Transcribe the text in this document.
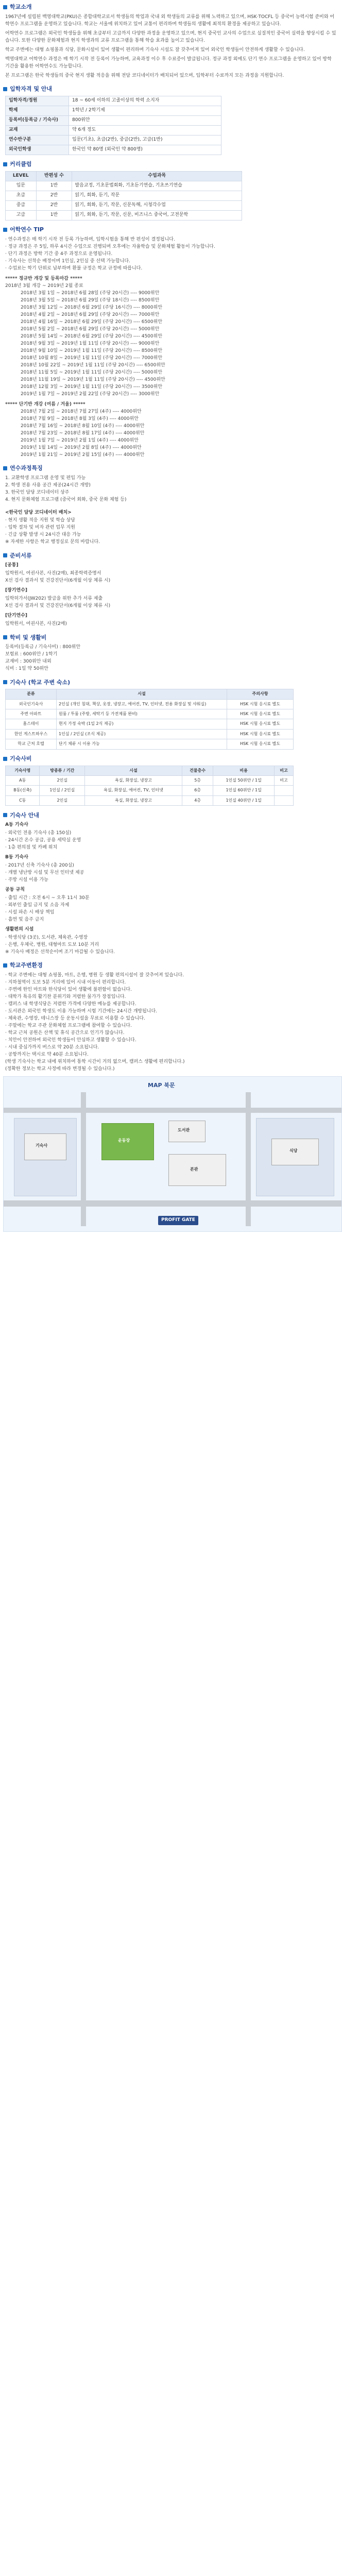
학교소개

1967년에 설립된 백영대학교(PKU)은 종합대학교로서 학생들의 학업과 국내 외 학생들의 교류를 위해 노력하고 있으며, HSK·TOCFL 등 중국어 능력시험 준비와 어학연수 프로그램을 운영하고 있습니다. 학교는 서울에 위치하고 있어 교통이 편리하며 학생들의 생활에 최적의 환경을 제공하고 있습니다.

어학연수 프로그램은 외국인 학생들을 위해 초급부터 고급까지 다양한 과정을 운영하고 있으며, 현지 중국인 교사의 수업으로 실질적인 중국어 실력을 향상시킬 수 있습니다. 또한 다양한 문화체험과 현지 학생과의 교류 프로그램을 통해 학습 효과를 높이고 있습니다.

학교 주변에는 대형 쇼핑몰과 식당, 문화시설이 있어 생활이 편리하며 기숙사 시설도 잘 갖추어져 있어 외국인 학생들이 안전하게 생활할 수 있습니다.

백영대학교 어학연수 과정은 매 학기 시작 전 등록이 가능하며, 교육과정 이수 후 수료증이 발급됩니다. 정규 과정 외에도 단기 연수 프로그램을 운영하고 있어 방학 기간을 활용한 어학연수도 가능합니다.

본 프로그램은 한국 학생들의 중국 현지 생활 적응을 위해 전담 코디네이터가 배치되어 있으며, 입학부터 수료까지 모든 과정을 지원합니다.

입학자격 및 안내
입학자격/정원	18 ~ 60세 이하의 고졸이상의 학력 소지자
학제	1학년 / 2학기제
등록비(등록금 / 기숙사)	800위안
교재	약 6개 정도
연수반구분	입문(기초), 초급(2반), 중급(2반), 고급(1반)
외국인학생	한국인 약 80명 (외국인 약 800명)
커리큘럼
LEVEL	반편성 수	수업과목
입문	1반	발음교정, 기초문법회화, 기초듣기연습, 기초쓰기연습
초급	2반	읽기, 회화, 듣기, 작문
중급	2반	읽기, 회화, 듣기, 작문, 신문독해, 시청각수업
고급	1반	읽기, 회화, 듣기, 작문, 신문, 비즈니스 중국어, 고전문학
어학연수 TIP
· 연수과정은 매 학기 시작 전 등록 가능하며, 입학시험을 통해 반 편성이 결정됩니다.
· 정규 과정은 주 5일, 하루 4시간 수업으로 진행되며 오후에는 자율학습 및 문화체험 활동이 가능합니다.
· 단기 과정은 방학 기간 중 4주 과정으로 운영됩니다.
· 기숙사는 선착순 배정이며 1인실, 2인실 중 선택 가능합니다.
· 수업료는 학기 단위로 납부하며 환불 규정은 학교 규정에 따릅니다.
***** 정규반 개강 및 등록마감 *****
2018년 3월 개강 ~ 2019년 2월 종료
2018년 3월 1일 ~ 2018년 6월 28일 (주당 20시간) ---- 9000위안
2018년 3월 5일 ~ 2018년 6월 29일 (주당 18시간) ---- 8500위안
2018년 3월 12일 ~ 2018년 6월 29일 (주당 16시간) ---- 8000위안
2018년 4월 2일 ~ 2018년 6월 29일 (주당 20시간) ---- 7000위안
2018년 4월 16일 ~ 2018년 6월 29일 (주당 20시간) ---- 6500위안
2018년 5월 2일 ~ 2018년 6월 29일 (주당 20시간) ---- 5000위안
2018년 5월 14일 ~ 2018년 6월 29일 (주당 20시간) ---- 4500위안
2018년 9월 3일 ~ 2019년 1월 11일 (주당 20시간) ---- 9000위안
2018년 9월 10일 ~ 2019년 1월 11일 (주당 20시간) ---- 8500위안
2018년 10월 8일 ~ 2019년 1월 11일 (주당 20시간) ---- 7000위안
2018년 10월 22일 ~ 2019년 1월 11일 (주당 20시간) ---- 6500위안
2018년 11월 5일 ~ 2019년 1월 11일 (주당 20시간) ---- 5000위안
2018년 11월 19일 ~ 2019년 1월 11일 (주당 20시간) ---- 4500위안
2018년 12월 3일 ~ 2019년 1월 11일 (주당 20시간) ---- 3500위안
2019년 1월 7일 ~ 2019년 2월 22일 (주당 20시간) ---- 3000위안
***** 단기반 개강 (여름 / 겨울) *****
2018년 7월 2일 ~ 2018년 7월 27일 (4주) ---- 4000위안
2018년 7월 9일 ~ 2018년 8월 3일 (4주) ---- 4000위안
2018년 7월 16일 ~ 2018년 8월 10일 (4주) ---- 4000위안
2018년 7월 23일 ~ 2018년 8월 17일 (4주) ---- 4000위안
2019년 1월 7일 ~ 2019년 2월 1일 (4주) ---- 4000위안
2019년 1월 14일 ~ 2019년 2월 8일 (4주) ---- 4000위안
2019년 1월 21일 ~ 2019년 2월 15일 (4주) ---- 4000위안
연수과정특징
1. 교환학생 프로그램 운영 및 편입 가능
2. 학생 전용 사용 공간 제공(24시간 개방)
3. 한국인 담당 코디네이터 상주
4. 현지 문화체험 프로그램 (중국어 회화, 중국 문화 체험 등)
<한국인 담당 코디네이터 배치>
· 현지 생활 적응 지원 및 학습 상담
· 입학 절차 및 비자 관련 업무 지원
· 긴급 상황 발생 시 24시간 대응 가능
※ 자세한 사항은 학교 행정실로 문의 바랍니다.
준비서류
[공통]
입학원서, 여권사본, 사진(2매), 최종학력증명서
X선 검사 결과서 및 건강진단서(6개월 이상 체류 시)
[장기연수]
입학허가서(JW202) 발급을 위한 추가 서류 제출
X선 검사 결과서 및 건강진단서(6개월 이상 체류 시)
[단기연수]
입학원서, 여권사본, 사진(2매)
학비 및 생활비
등록비(등록금 / 기숙사비) : 800위안
보험료 : 600위안 / 1학기
교재비 : 300위안 내외
식비 : 1일 약 50위안
기숙사 (학교 주변 숙소)
분류	시설	주의사항
외국인기숙사	2인실 (개인 침대, 책상, 옷장, 냉장고, 에어컨, TV, 인터넷, 전용 화장실 및 샤워실)	HSK 시험 응시료 별도
주변 아파트	원룸 / 투룸 (주방, 세탁기 등 가전제품 완비)	HSK 시험 응시료 별도
홈스테이	현지 가정 숙박 (1일 2식 제공)	HSK 시험 응시료 별도
한인 게스트하우스	1인실 / 2인실 (조식 제공)	HSK 시험 응시료 별도
학교 근처 호텔	단기 체류 시 이용 가능	HSK 시험 응시료 별도
기숙사비
기숙사명	방종류 / 기간	시설	건물층수	비용	비고
A동	2인실	욕실, 화장실, 냉장고	5층	1인실 50위안 / 1일	비고
B동(신축)	1인실 / 2인실	욕실, 화장실, 에어컨, TV, 인터넷	6층	1인실 60위안 / 1일	
C동	2인실	욕실, 화장실, 냉장고	4층	1인실 40위안 / 1일	
기숙사 안내
A동 기숙사
· 외국인 전용 기숙사 (총 150실)
· 24시간 온수 공급, 공용 세탁실 운영
· 1층 편의점 및 카페 위치
B동 기숙사
· 2017년 신축 기숙사 (총 200실)
· 개별 냉난방 시설 및 무선 인터넷 제공
· 주방 시설 이용 가능
공동 규칙
· 출입 시간 : 오전 6시 ~ 오후 11시 30분
· 외부인 출입 금지 및 소음 자제
· 시설 파손 시 배상 책임
· 흡연 및 음주 금지
생활편의 시설
· 학생식당 (3곳), 도서관, 체육관, 수영장
· 은행, 우체국, 병원, 대형마트 도보 10분 거리
※ 기숙사 배정은 선착순이며 조기 마감될 수 있습니다.
학교주변환경
· 학교 주변에는 대형 쇼핑몰, 마트, 은행, 병원 등 생활 편의시설이 잘 갖추어져 있습니다.
· 지하철역이 도보 5분 거리에 있어 시내 이동이 편리합니다.
· 주변에 한인 마트와 한식당이 있어 생활에 불편함이 없습니다.
· 대학가 특유의 활기찬 분위기와 저렴한 물가가 장점입니다.
· 캠퍼스 내 학생식당은 저렴한 가격에 다양한 메뉴를 제공합니다.
· 도서관은 외국인 학생도 이용 가능하며 시험 기간에는 24시간 개방됩니다.
· 체육관, 수영장, 테니스장 등 운동시설을 무료로 이용할 수 있습니다.
· 주말에는 학교 주관 문화체험 프로그램에 참여할 수 있습니다.
· 학교 근처 공원은 산책 및 휴식 공간으로 인기가 많습니다.
· 치안이 안전하여 외국인 학생들이 안심하고 생활할 수 있습니다.
· 시내 중심가까지 버스로 약 20분 소요됩니다.
· 공항까지는 택시로 약 40분 소요됩니다.
(학생 기숙사는 학교 내에 위치하여 통학 시간이 거의 없으며, 캠퍼스 생활에 편리합니다.)
(정확한 정보는 학교 사정에 따라 변경될 수 있습니다.)
MAP 북문
운동장
도서관
본관
기숙사
식당
PROFIT GATE
